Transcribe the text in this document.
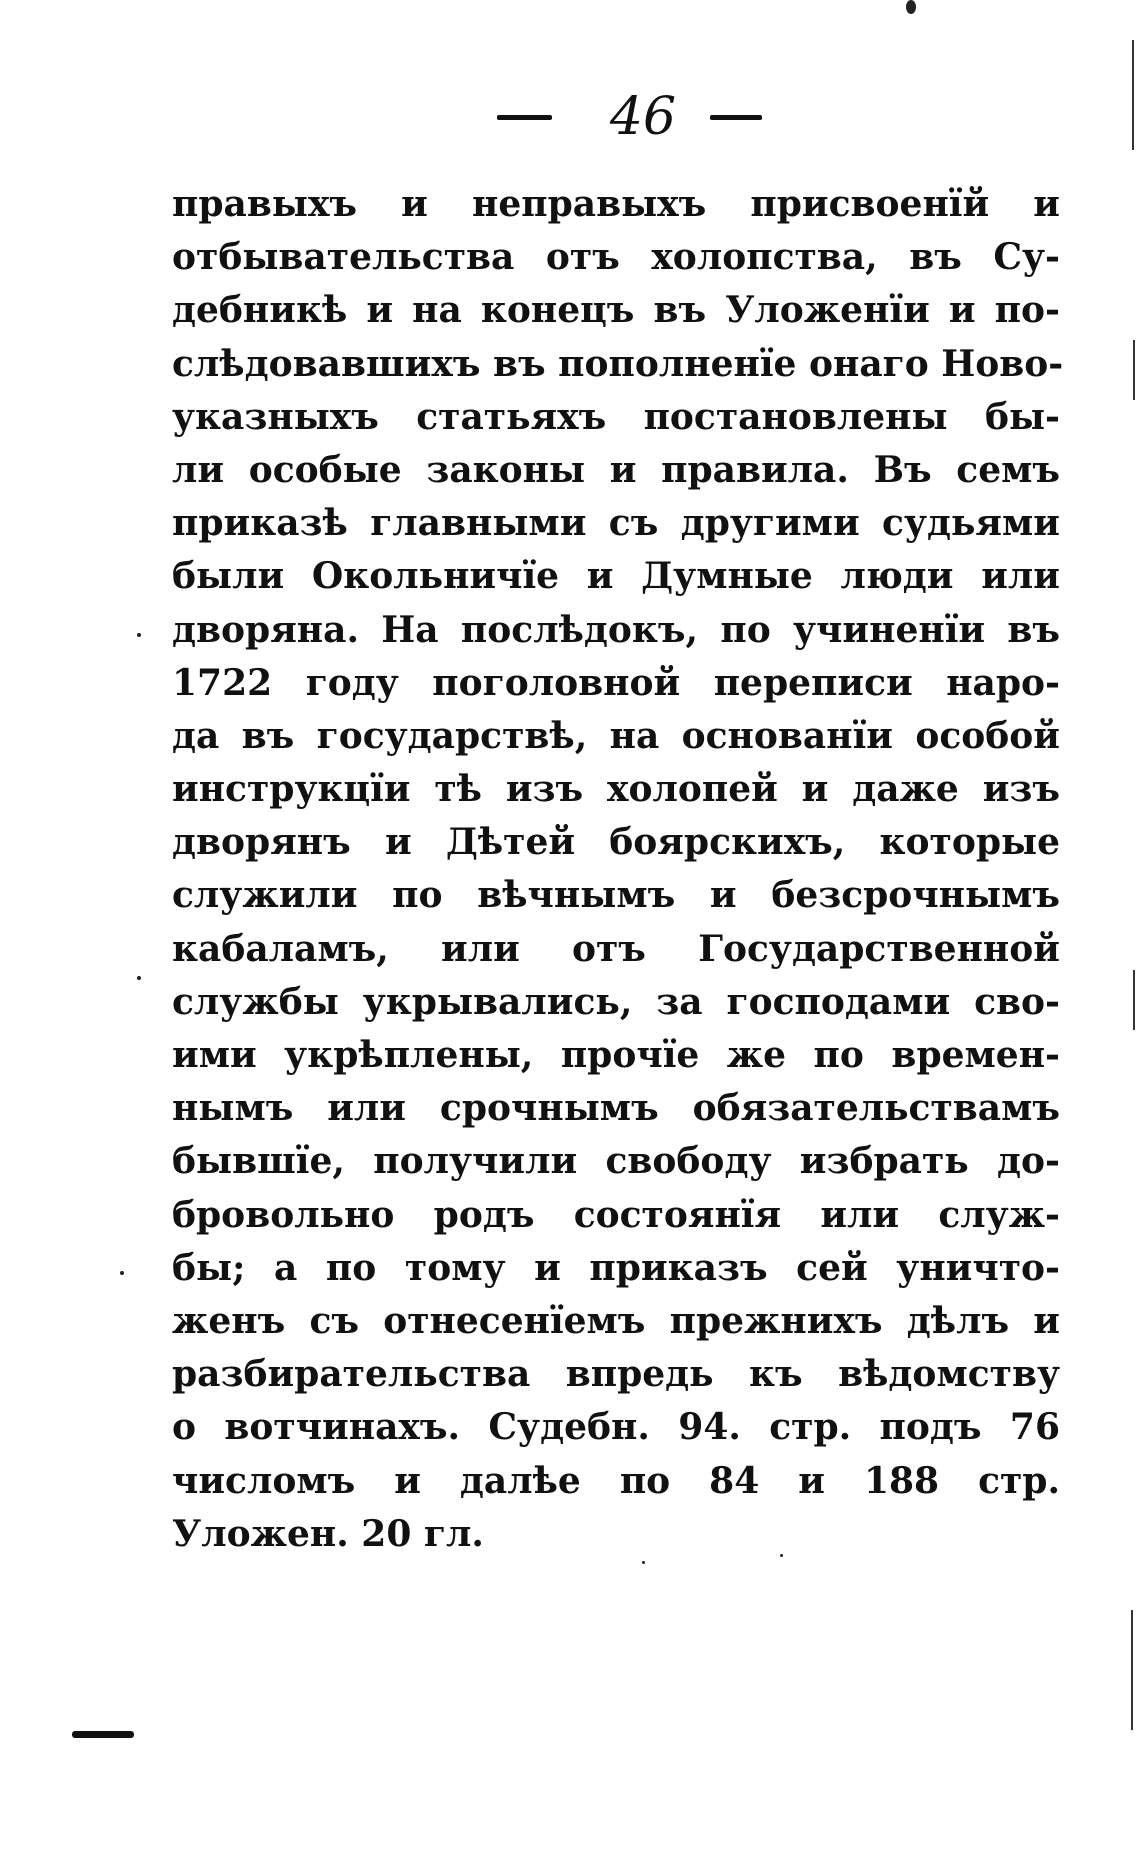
46
правыхъ и неправыхъ присвоенїй и
отбывательства отъ холопства, въ Су-
дебникѣ и на конецъ въ Уложенїи и по-
слѣдовавшихъ въ пополненїе онаго Ново-
указныхъ статьяхъ постановлены бы-
ли особые законы и правила. Въ семъ
приказѣ главными съ другими судьями
были Окольничїе и Думные люди или
дворяна. На послѣдокъ, по учиненїи въ
1722 году поголовной переписи наро-
да въ государствѣ, на основанїи особой
инструкцїи тѣ изъ холопей и даже изъ
дворянъ и Дѣтей боярскихъ, которые
служили по вѣчнымъ и безсрочнымъ
кабаламъ, или отъ Государственной
службы укрывались, за господами сво-
ими укрѣплены, прочїе же по времен-
нымъ или срочнымъ обязательствамъ
бывшїе, получили свободу избрать до-
бровольно родъ состоянїя или служ-
бы; а по тому и приказъ сей уничто-
женъ съ отнесенїемъ прежнихъ дѣлъ и
разбирательства впредь къ вѣдомству
о вотчинахъ. Судебн. 94. стр. подъ 76
числомъ и далѣе по 84 и 188 стр.
Уложен. 20 гл.
